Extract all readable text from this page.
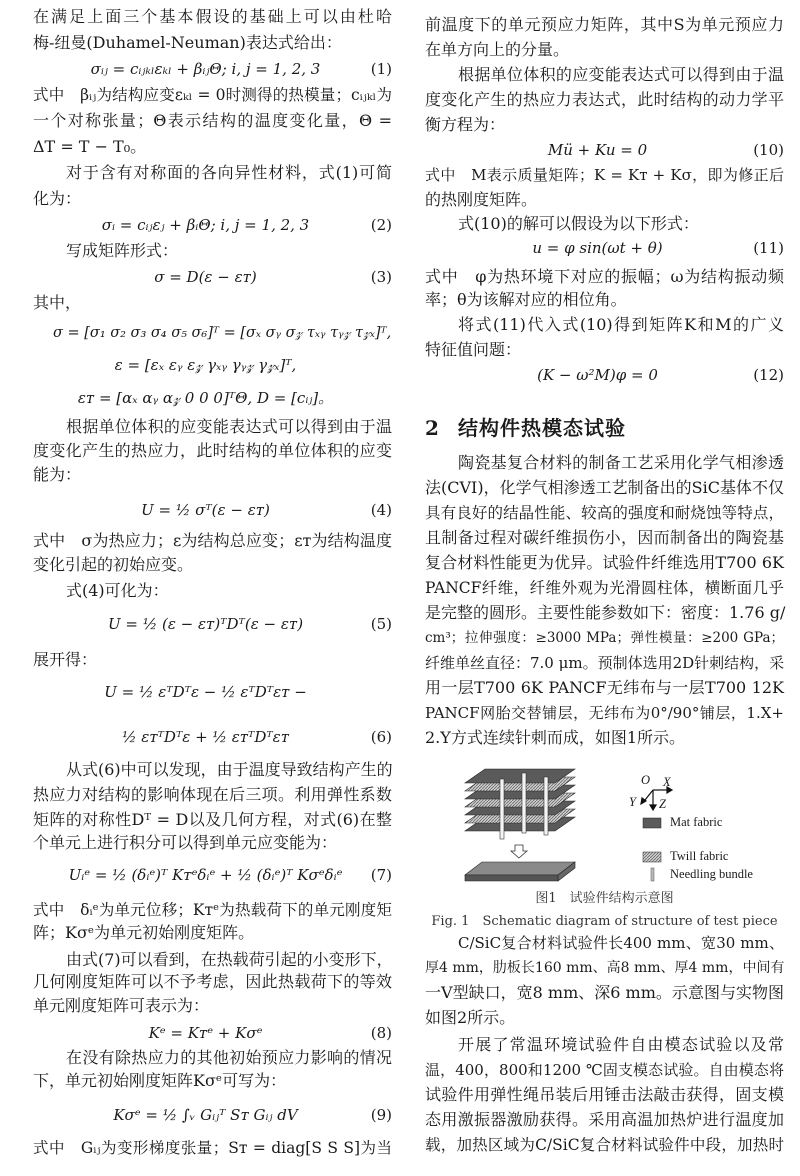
在满足上面三个基本假设的基础上可以由杜哈
梅-纽曼(Duhamel-Neuman)表达式给出：
σᵢⱼ = cᵢⱼₖₗεₖₗ + βᵢⱼΘ; i, j = 1, 2, 3	(1)
式中　βᵢⱼ为结构应变εₖₗ = 0时测得的热模量；cᵢⱼₖₗ为
一个对称张量；Θ表示结构的温度变化量，Θ =
ΔT = T − T₀。
对于含有对称面的各向异性材料，式(1)可简
化为：
σᵢ = cᵢⱼεⱼ + βᵢΘ; i, j = 1, 2, 3	(2)
写成矩阵形式：
σ = D(ε − εᴛ)	(3)
其中，
σ = [σ₁ σ₂ σ₃ σ₄ σ₅ σ₆]ᵀ = [σₓ σᵧ σ𝓏 τₓᵧ τᵧ𝓏 τ𝓏ₓ]ᵀ,
ε = [εₓ εᵧ ε𝓏 γₓᵧ γᵧ𝓏 γ𝓏ₓ]ᵀ,
εᴛ = [αₓ αᵧ α𝓏 0 0 0]ᵀΘ, D = [cᵢⱼ]。
根据单位体积的应变能表达式可以得到由于温
度变化产生的热应力，此时结构的单位体积的应变
能为：
U = ½ σᵀ(ε − εᴛ)	(4)
式中　σ为热应力；ε为结构总应变；εᴛ为结构温度
变化引起的初始应变。
式(4)可化为：
U = ½ (ε − εᴛ)ᵀDᵀ(ε − εᴛ)	(5)
展开得：
U = ½ εᵀDᵀε − ½ εᵀDᵀεᴛ −
½ εᴛᵀDᵀε + ½ εᴛᵀDᵀεᴛ	(6)
从式(6)中可以发现，由于温度导致结构产生的
热应力对结构的影响体现在后三项。利用弹性系数
矩阵的对称性Dᵀ = D以及几何方程，对式(6)在整
个单元上进行积分可以得到单元应变能为：
Uᵢᵉ = ½ (δᵢᵉ)ᵀ Kᴛᵉδᵢᵉ + ½ (δᵢᵉ)ᵀ Kσᵉδᵢᵉ (7)
式中　δᵢᵉ为单元位移；Kᴛᵉ为热载荷下的单元刚度矩
阵；Kσᵉ为单元初始刚度矩阵。
由式(7)可以看到，在热载荷引起的小变形下，
几何刚度矩阵可以不予考虑，因此热载荷下的等效
单元刚度矩阵可表示为：
Kᵉ = Kᴛᵉ + Kσᵉ	(8)
在没有除热应力的其他初始预应力影响的情况
下，单元初始刚度矩阵Kσᵉ可写为：
Kσᵉ = ½ ∫ᵥ Gᵢⱼᵀ Sᴛ Gᵢⱼ dV	(9)
式中　Gᵢⱼ为变形梯度张量；Sᴛ = diag[S S S]为当
前温度下的单元预应力矩阵，其中S为单元预应力
在单方向上的分量。
根据单位体积的应变能表达式可以得到由于温
度变化产生的热应力表达式，此时结构的动力学平
衡方程为：
Mü + Ku = 0	(10)
式中　M表示质量矩阵；K = Kᴛ + Kσ，即为修正后
的热刚度矩阵。
式(10)的解可以假设为以下形式：
u = φ sin(ωt + θ)	(11)
式中　φ为热环境下对应的振幅；ω为结构振动频
率；θ为该解对应的相位角。
将式(11)代入式(10)得到矩阵K和M的广义
特征值问题：
(K − ω²M)φ = 0	(12)
2 结构件热模态试验
陶瓷基复合材料的制备工艺采用化学气相渗透
法(CVI)，化学气相渗透工艺制备出的SiC基体不仅
具有良好的结晶性能、较高的强度和耐烧蚀等特点，
且制备过程对碳纤维损伤小，因而制备出的陶瓷基
复合材料性能更为优异。试验件纤维选用T700 6K
PANCF纤维，纤维外观为光滑圆柱体，横断面几乎
是完整的圆形。主要性能参数如下：密度：1.76 g/
cm³；拉伸强度：≥3000 MPa；弹性模量：≥200 GPa；
纤维单丝直径：7.0 μm。预制体选用2D针刺结构，采
用一层T700 6K PANCF无纬布与一层T700 12K
PANCF网胎交替铺层，无纬布为0°/90°铺层，1.X+
2.Y方式连续针刺而成，如图1所示。
C/SiC复合材料试验件长400 mm、宽30 mm、
厚4 mm，肋板长160 mm、高8 mm、厚4 mm，中间有
一V型缺口，宽8 mm、深6 mm。示意图与实物图
如图2所示。
开展了常温环境试验件自由模态试验以及常
温，400，800和1200 ℃固支模态试验。自由模态将
试验件用弹性绳吊装后用锤击法敲击获得，固支模
态用激振器激励获得。采用高温加热炉进行温度加
载，加热区域为C/SiC复合材料试验件中段，加热时
O X
Y Z
Mat fabric
Twill fabric
Needling bundle
图1　试验件结构示意图
Fig. 1　Schematic diagram of structure of test piece
